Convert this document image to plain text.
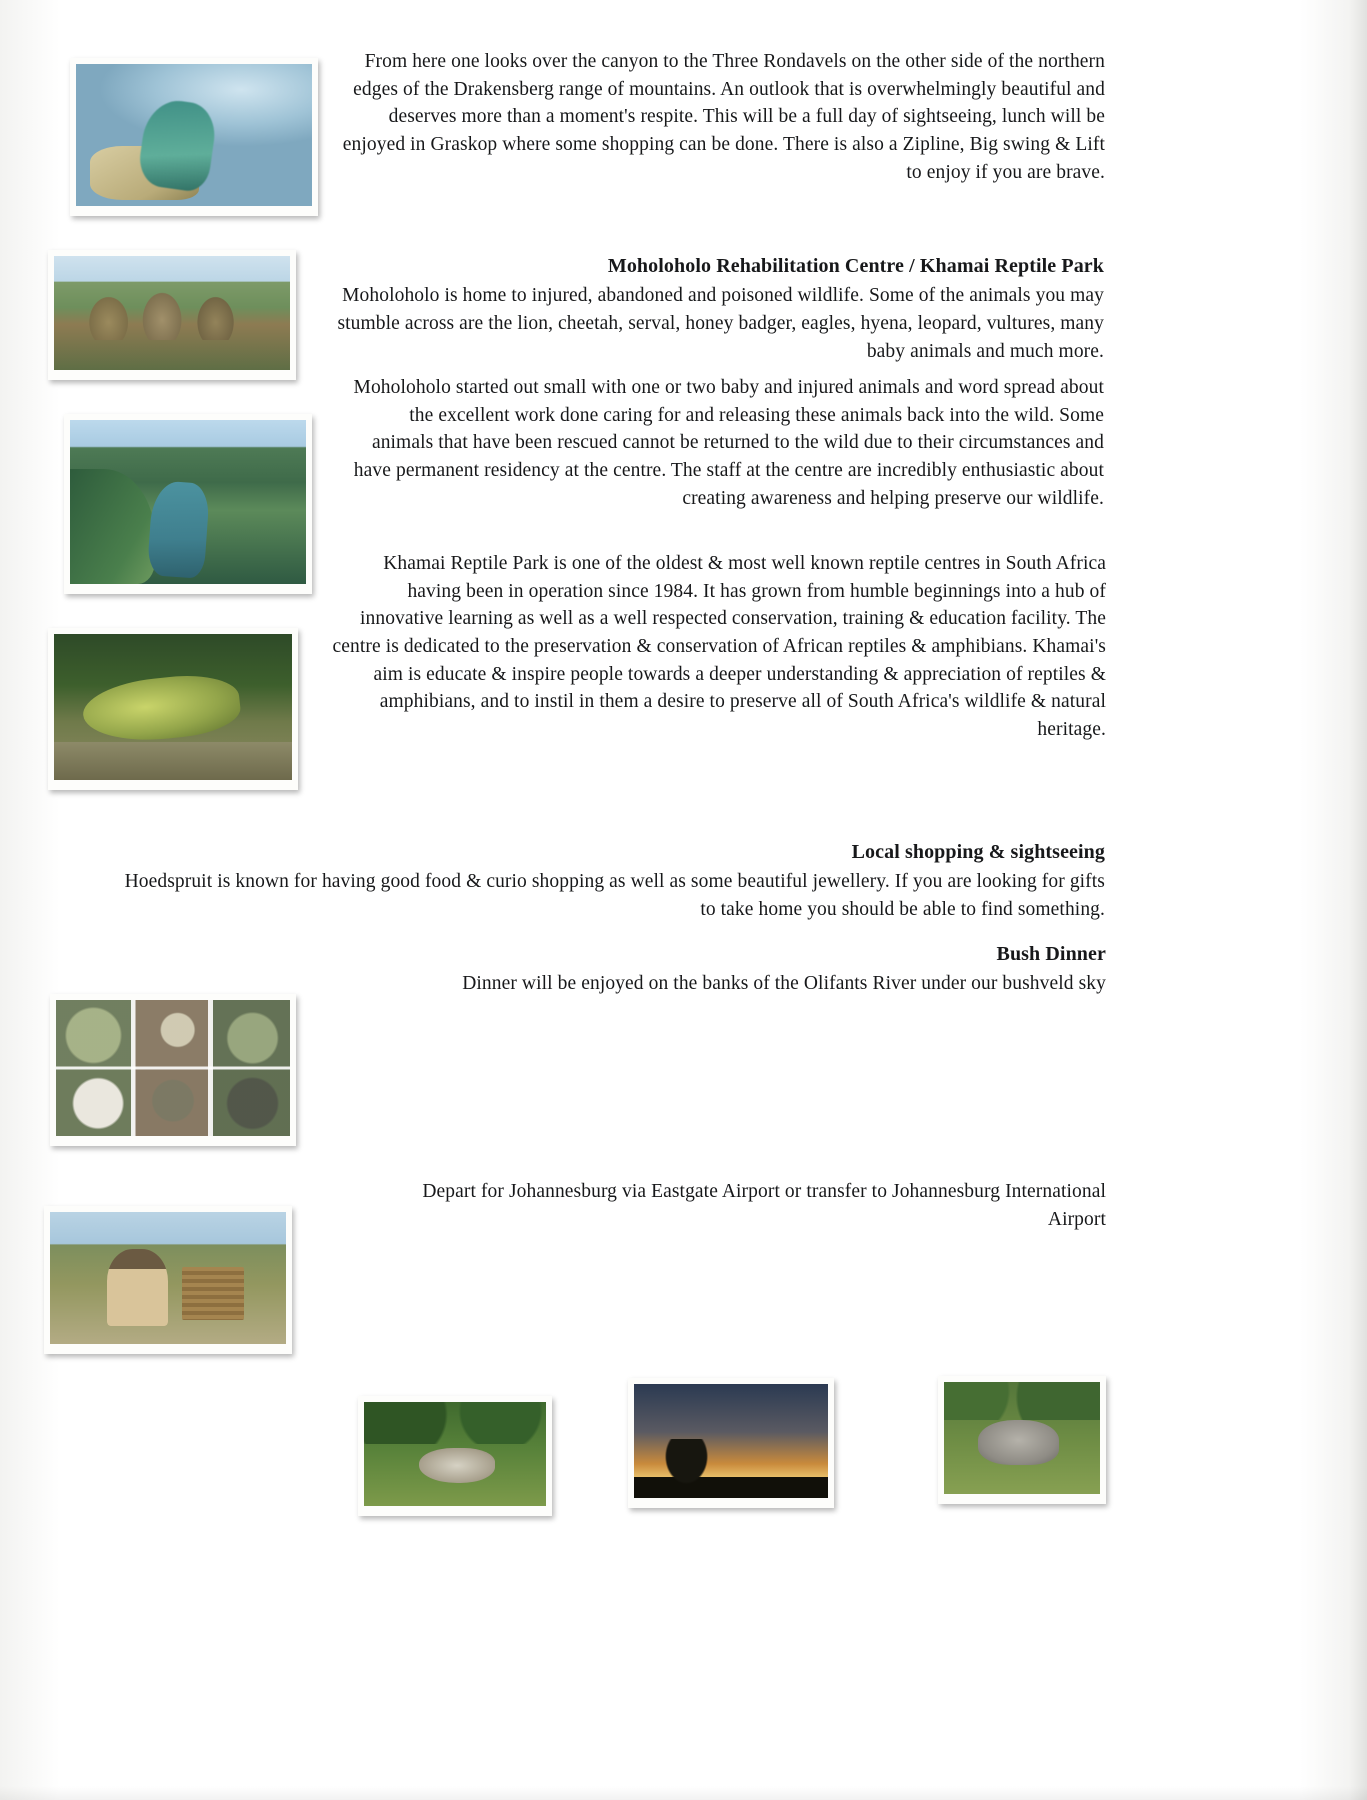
From here one looks over the canyon to the Three Rondavels on the other side of the northern edges of the Drakensberg range of mountains. An outlook that is overwhelmingly beautiful and deserves more than a moment's respite. This will be a full day of sightseeing, lunch will be enjoyed in Graskop where some shopping can be done. There is also a Zipline, Big swing & Lift to enjoy if you are brave.
Moholoholo Rehabilitation Centre / Khamai Reptile Park
Moholoholo is home to injured, abandoned and poisoned wildlife. Some of the animals you may stumble across are the lion, cheetah, serval, honey badger, eagles, hyena, leopard, vultures, many baby animals and much more.
Moholoholo started out small with one or two baby and injured animals and word spread about the excellent work done caring for and releasing these animals back into the wild. Some animals that have been rescued cannot be returned to the wild due to their circumstances and have permanent residency at the centre. The staff at the centre are incredibly enthusiastic about creating awareness and helping preserve our wildlife.
Khamai Reptile Park is one of the oldest & most well known reptile centres in South Africa having been in operation since 1984. It has grown from humble beginnings into a hub of innovative learning as well as a well respected conservation, training & education facility. The centre is dedicated to the preservation & conservation of African reptiles & amphibians. Khamai's aim is educate & inspire people towards a deeper understanding & appreciation of reptiles & amphibians, and to instil in them a desire to preserve all of South Africa's wildlife & natural heritage.
Local shopping & sightseeing
Hoedspruit is known for having good food & curio shopping as well as some beautiful jewellery. If you are looking for gifts to take home you should be able to find something.
Bush Dinner
Dinner will be enjoyed on the banks of the Olifants River under our bushveld sky
Depart for Johannesburg via Eastgate Airport or transfer to Johannesburg International Airport
